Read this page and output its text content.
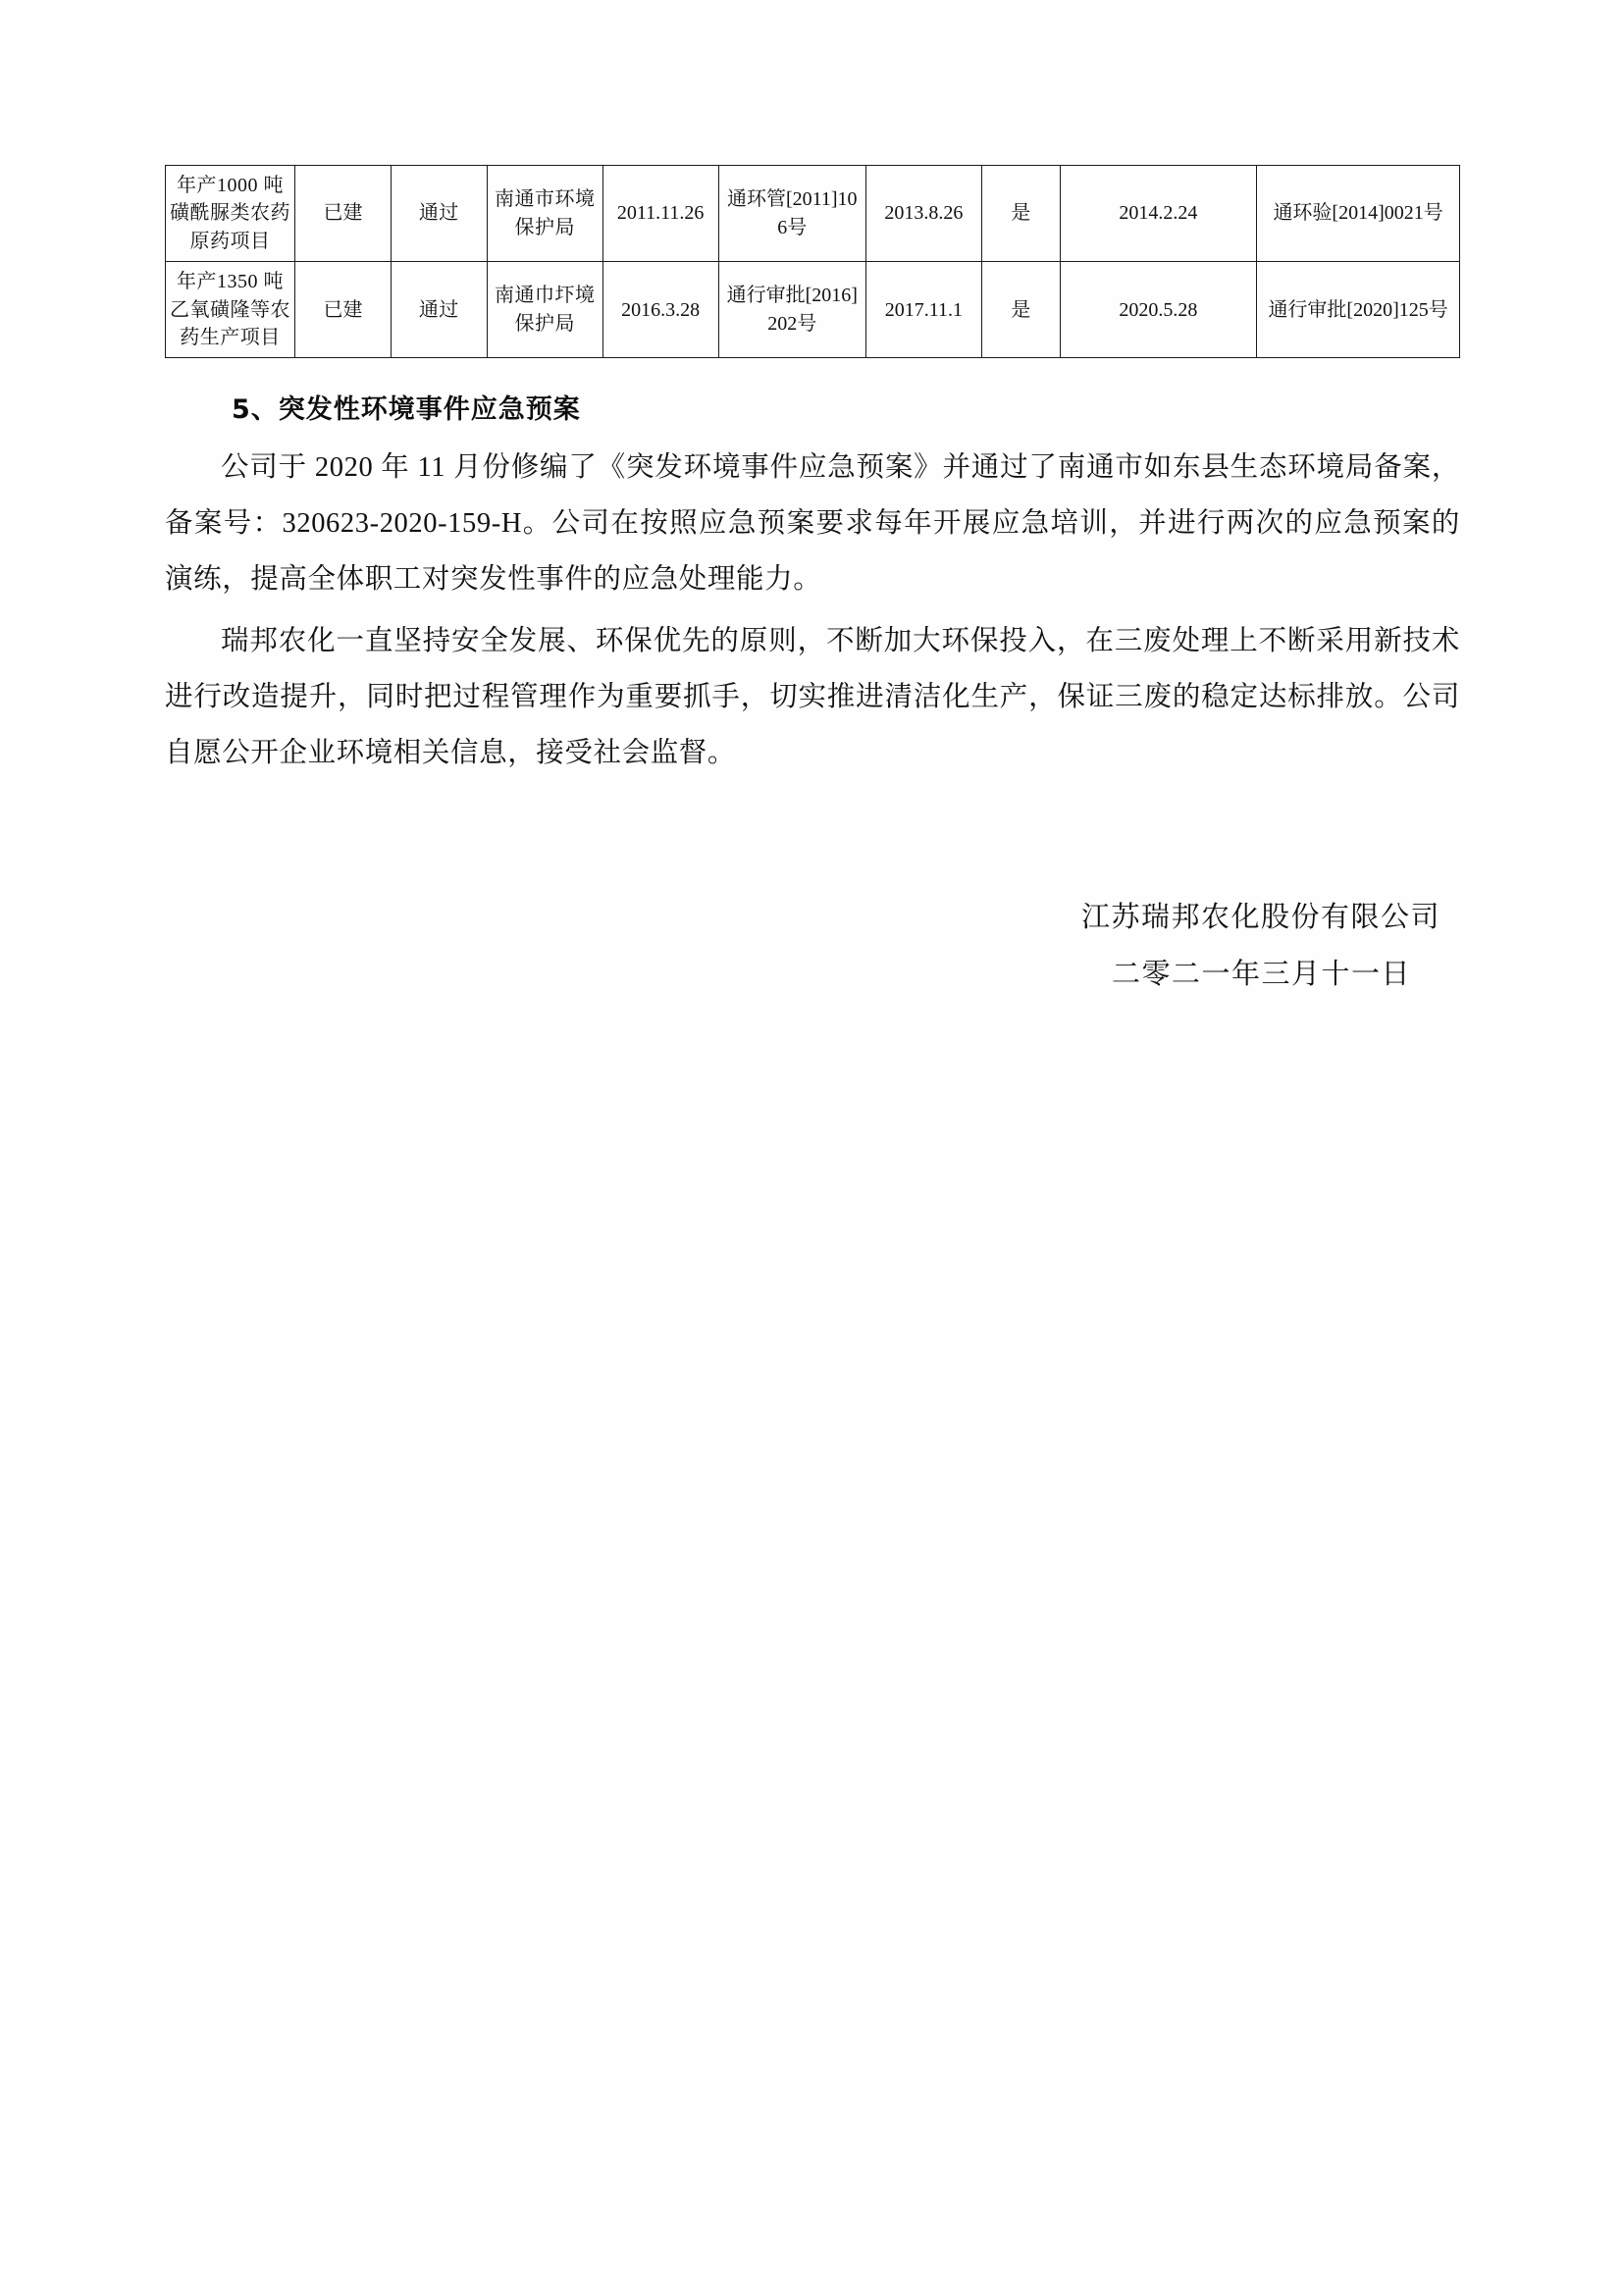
年产1000 吨磺酰脲类农药原药项目	已建	通过	南通市环境保护局	2011.11.26	通环管[2011]106号	2013.8.26	是	2014.2.24	通环验[2014]0021号
年产1350 吨乙氧磺隆等农药生产项目	已建	通过	南通巾圷境保护局	2016.3.28	通行审批[2016]202号	2017.11.1	是	2020.5.28	通行审批[2020]125号
5、突发性环境事件应急预案

公司于 2020 年 11 月份修编了《突发环境事件应急预案》并通过了南通市如东县生态环境局备案，备案号：320623-2020-159-H。公司在按照应急预案要求每年开展应急培训，并进行两次的应急预案的演练，提高全体职工对突发性事件的应急处理能力。

瑞邦农化一直坚持安全发展、环保优先的原则，不断加大环保投入，在三废处理上不断采用新技术进行改造提升，同时把过程管理作为重要抓手，切实推进清洁化生产，保证三废的稳定达标排放。公司自愿公开企业环境相关信息，接受社会监督。

江苏瑞邦农化股份有限公司
二零二一年三月十一日
